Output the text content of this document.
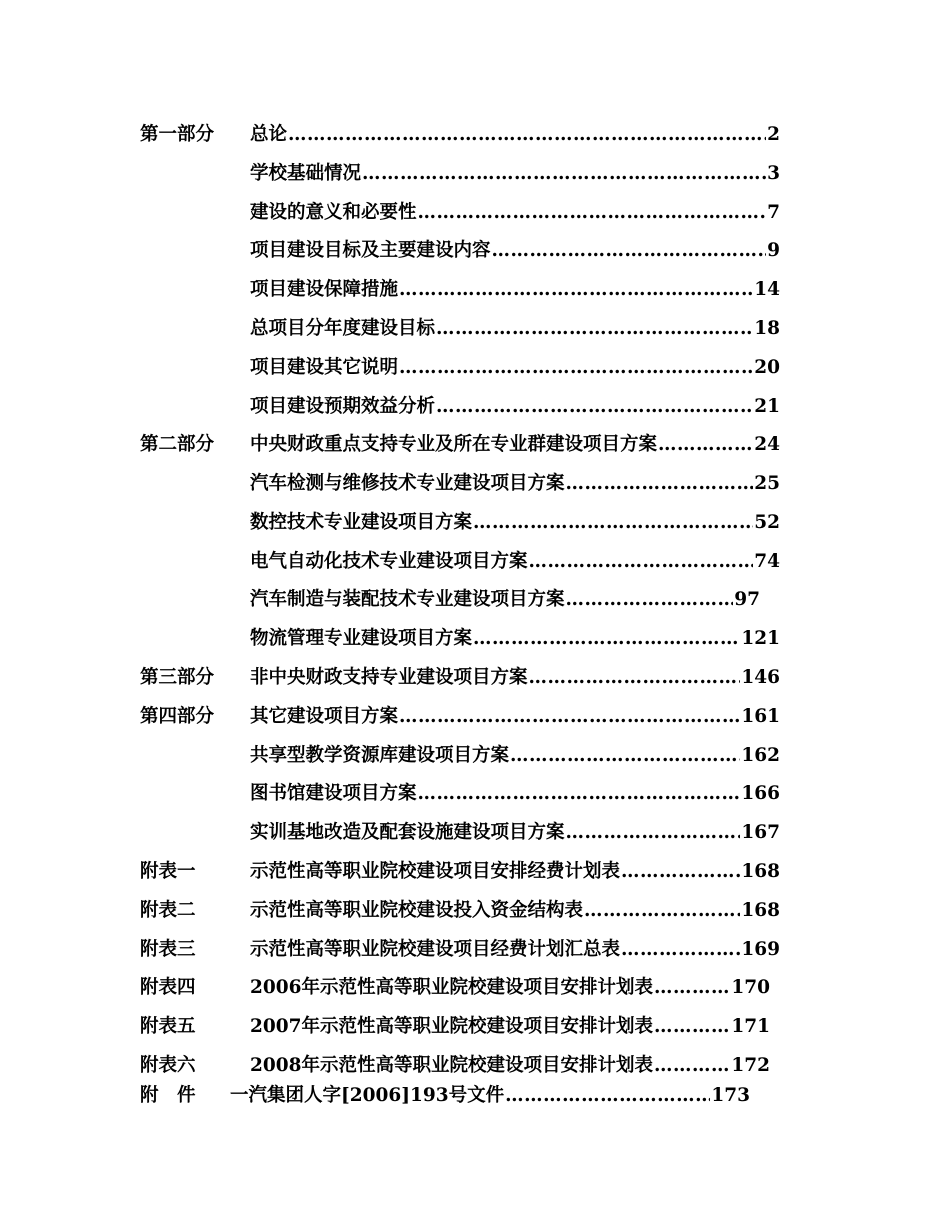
第一部分 总论 …………………………………………………………………………………………………………………………………………………	2
学校基础情况 …………………………………………………………………………………………………………………………………………………	3
建设的意义和必要性 …………………………………………………………………………………………………………………………………………………	7
项目建设目标及主要建设内容 …………………………………………………………………………………………………………………………………………………	9
项目建设保障措施 …………………………………………………………………………………………………………………………………………………	14
总项目分年度建设目标 …………………………………………………………………………………………………………………………………………………	18
项目建设其它说明 …………………………………………………………………………………………………………………………………………………	20
项目建设预期效益分析 …………………………………………………………………………………………………………………………………………………	21
第二部分 中央财政重点支持专业及所在专业群建设项目方案 …………………………………………………………………………………………………………………………………………………	24
汽车检测与维修技术专业建设项目方案 …………………………………………………………………………………………………………………………………………………	25
数控技术专业建设项目方案 …………………………………………………………………………………………………………………………………………………	52
电气自动化技术专业建设项目方案 …………………………………………………………………………………………………………………………………………………	74
汽车制造与装配技术专业建设项目方案 …………………………………………………………………………………………………………………………………………………	97
物流管理专业建设项目方案 …………………………………………………………………………………………………………………………………………………	121
第三部分 非中央财政支持专业建设项目方案 …………………………………………………………………………………………………………………………………………………	146
第四部分 其它建设项目方案 …………………………………………………………………………………………………………………………………………………	161
共享型教学资源库建设项目方案 …………………………………………………………………………………………………………………………………………………	162
图书馆建设项目方案 …………………………………………………………………………………………………………………………………………………	166
实训基地改造及配套设施建设项目方案 …………………………………………………………………………………………………………………………………………………	167
附表一	示范性高等职业院校建设项目安排经费计划表 …………………………………………………………………………………………………………………………………………………	168
附表二	示范性高等职业院校建设投入资金结构表 …………………………………………………………………………………………………………………………………………………	168
附表三	示范性高等职业院校建设项目经费计划汇总表 …………………………………………………………………………………………………………………………………………………	169
附表四	2006年示范性高等职业院校建设项目安排计划表 …………………………………………………………………………………………………………………………………………………	170
附表五	2007年示范性高等职业院校建设项目安排计划表 …………………………………………………………………………………………………………………………………………………	171
附表六	2008年示范性高等职业院校建设项目安排计划表 …………………………………………………………………………………………………………………………………………………	172
附　件 一汽集团人字[2006]193号文件 …………………………………………………………………………………………………………………………………………………	173
